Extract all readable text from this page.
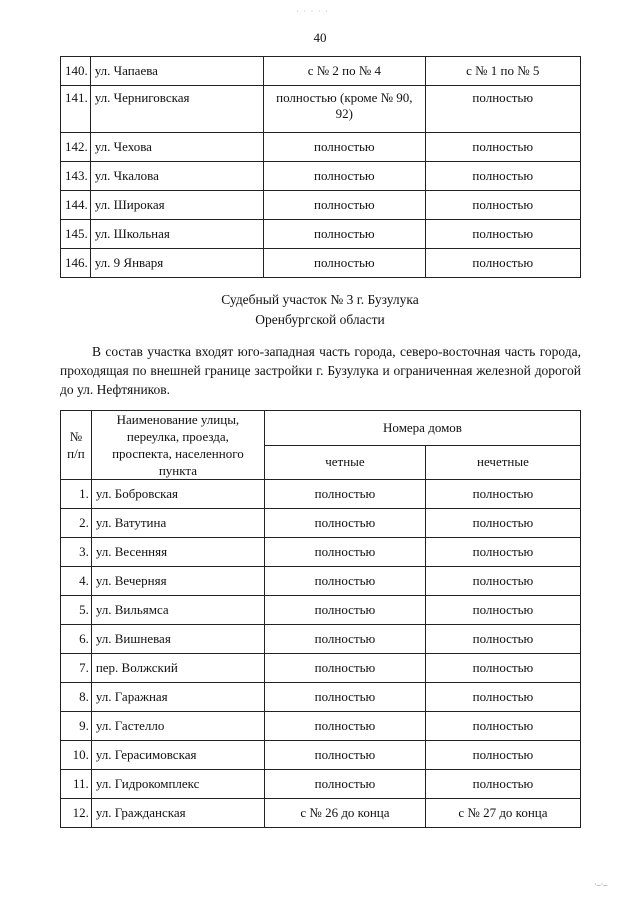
· · · · ·
40
140.	ул. Чапаева	с № 2 по № 4	с № 1 по № 5
141.	ул. Черниговская	полностью (кроме № 90, 92)	полностью
142.	ул. Чехова	полностью	полностью
143.	ул. Чкалова	полностью	полностью
144.	ул. Широкая	полностью	полностью
145.	ул. Школьная	полностью	полностью
146.	ул. 9 Января	полностью	полностью
Судебный участок № 3 г. Бузулука
Оренбургской области
В состав участка входят юго-западная часть города, северо-восточная часть города, проходящая по внешней границе застройки г. Бузулука и ограниченная железной дорогой до ул. Нефтяников.
№ п/п	Наименование улицы, переулка, проезда, проспекта, населенного пункта	Номера домов	
		четные	нечетные
1.	ул. Бобровская	полностью	полностью
2.	ул. Ватутина	полностью	полностью
3.	ул. Весенняя	полностью	полностью
4.	ул. Вечерняя	полностью	полностью
5.	ул. Вильямса	полностью	полностью
6.	ул. Вишневая	полностью	полностью
7.	пер. Волжский	полностью	полностью
8.	ул. Гаражная	полностью	полностью
9.	ул. Гастелло	полностью	полностью
10.	ул. Герасимовская	полностью	полностью
11.	ул. Гидрокомплекс	полностью	полностью
12.	ул. Гражданская	с № 26 до конца	с № 27 до конца
·–·–
